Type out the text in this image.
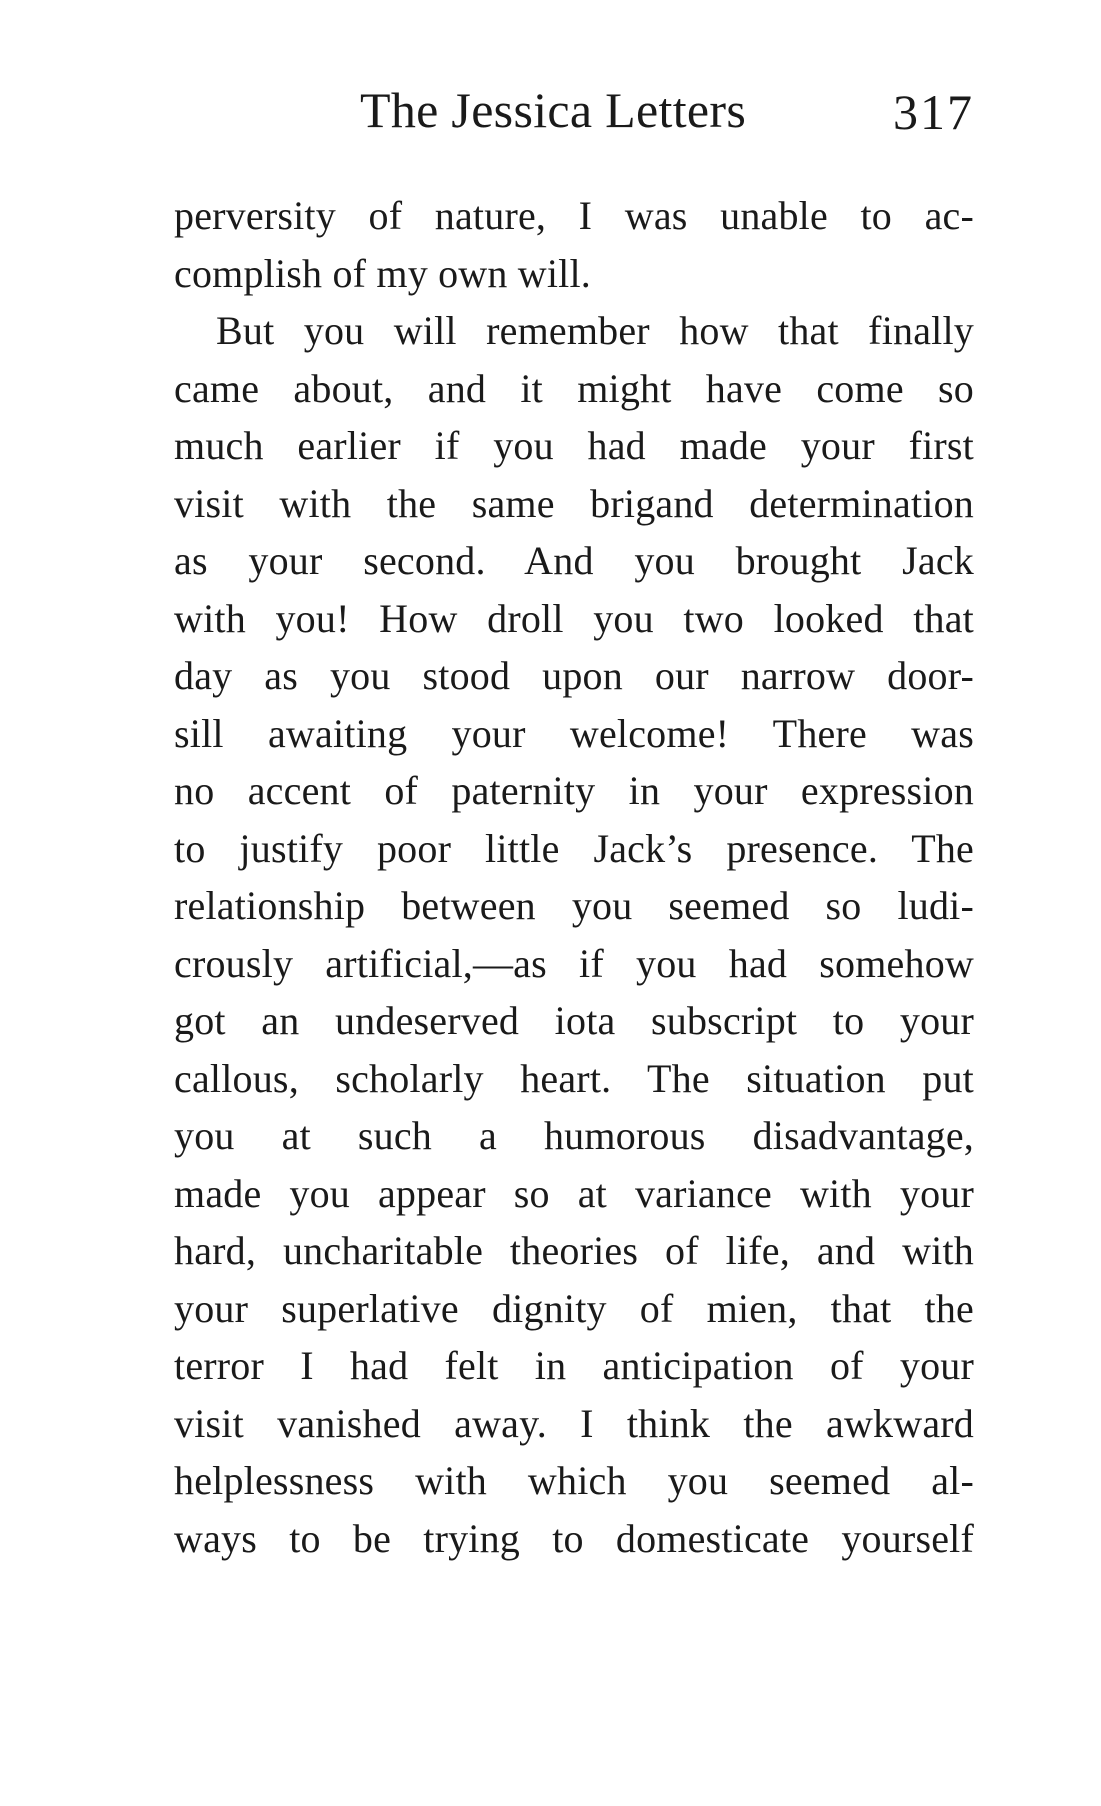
The Jessica Letters	317
perversity of nature, I was unable to ac-
complish of my own will.
But you will remember how that finally
came about, and it might have come so
much earlier if you had made your first
visit with the same brigand determination
as your second. And you brought Jack
with you! How droll you two looked that
day as you stood upon our narrow door-
sill awaiting your welcome! There was
no accent of paternity in your expression
to justify poor little Jack’s presence. The
relationship between you seemed so ludi-
crously artificial,—as if you had somehow
got an undeserved iota subscript to your
callous, scholarly heart. The situation put
you at such a humorous disadvantage,
made you appear so at variance with your
hard, uncharitable theories of life, and with
your superlative dignity of mien, that the
terror I had felt in anticipation of your
visit vanished away. I think the awkward
helplessness with which you seemed al-
ways to be trying to domesticate yourself
